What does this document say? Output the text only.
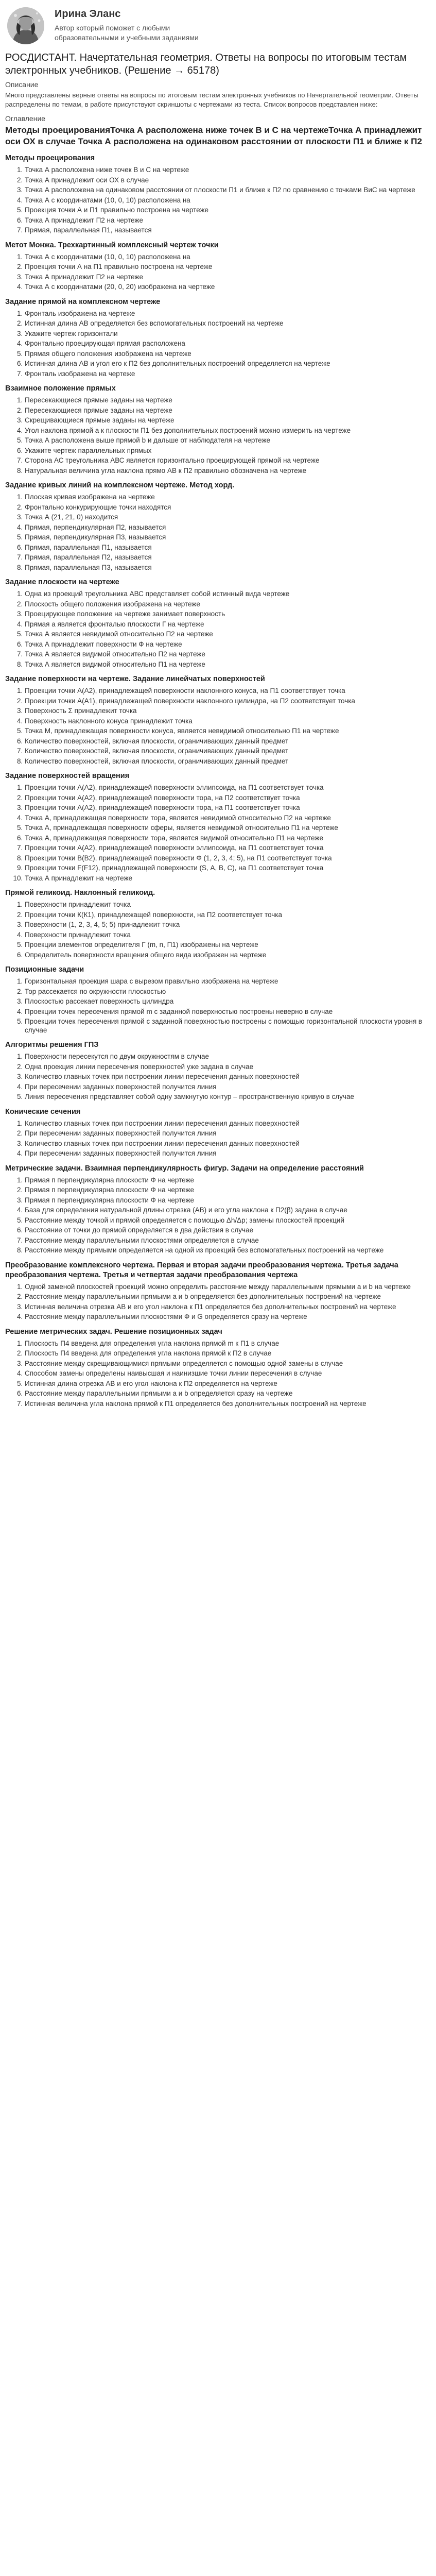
Ирина Эланс
Автор который поможет с любыми образовательными и учебными заданиями
РОСДИСТАНТ. Начертательная геометрия. Ответы на вопросы по итоговым тестам электронных учебников. (Решение → 65178)
Описание
Много представлены верные ответы на вопросы по итоговым тестам электронных учебников по Начертательной геометрии. Ответы распределены по темам, в работе присутствуют скриншоты с чертежами из теста. Список вопросов представлен ниже:
Оглавление
Методы проецированияТочка А расположена ниже точек В и С на чертежеТочка А принадлежит оси ОХ в случае Точка А расположена на одинаковом расстоянии от плоскости П1 и ближе к П2
Методы проецирования
1. Точка А расположена ниже точек В и С на чертеже
2. Точка А принадлежит оси ОХ в случае
3. Точка А расположена на одинаковом расстоянии от плоскости П1 и ближе к П2 по сравнению с точками ВиС на чертеже
4. Точка А с координатами (10, 0, 10) расположена на
5. Проекция точки А и П1 правильно построена на чертеже
6. Точка А принадлежит П2 на чертеже
7. Прямая, параллельная П1, называется
Метот Монжа. Трехкартинный комплексный чертеж точки
1. Точка А с координатами (10, 0, 10) расположена на
2. Проекция точки А на П1 правильно построена на чертеже
3. Точка А принадлежит П2 на чертеже
4. Точка А с координатами (20, 0, 20) изображена на чертеже
Задание прямой на комплексном чертеже
1. Фронталь изображена на чертеже
2. Истинная длина АВ определяется без вспомогательных построений на чертеже
3. Укажите чертеж горизонтали
4. Фронтально проецирующая прямая расположена
5. Прямая общего положения изображена на чертеже
6. Истинная длина АВ и угол его к П2 без дополнительных построений определяется на чертеже
7. Фронталь изображена на чертеже
Взаимное положение прямых
1. Пересекающиеся прямые заданы на чертеже
2. Пересекающиеся прямые заданы на чертеже
3. Скрещивающиеся прямые заданы на чертеже
4. Угол наклона прямой а к плоскости П1 без дополнительных построений можно измерить на чертеже
5. Точка А расположена выше прямой b и дальше от наблюдателя на чертеже
6. Укажите чертеж параллельных прямых
7. Сторона АС треугольника АВС является горизонтально проецирующей прямой на чертеже
8. Натуральная величина угла наклона прямо АВ к П2 правильно обозначена на чертеже
Задание кривых линий на комплексном чертеже. Метод хорд.
1. Плоская кривая изображена на чертеже
2. Фронтально конкурирующие точки находятся
3. Точка А (21, 21, 0) находится
4. Прямая, перпендикулярная П2, называется
5. Прямая, перпендикулярная П3, называется
6. Прямая, параллельная П1, называется
7. Прямая, параллельная П2, называется
8. Прямая, параллельная П3, называется
Задание плоскости на чертеже
1. Одна из проекций треугольника АВС представляет собой истинный вида чертеже
2. Плоскость общего положения изображена на чертеже
3. Проецирующее положение на чертеже занимает поверхность
4. Прямая а является фронталью плоскости Г на чертеже
5. Точка А является невидимой относительно П2 на чертеже
6. Точка А принадлежит поверхности Ф на чертеже
7. Точка А является видимой относительно П2 на чертеже
8. Точка А является видимой относительно П1 на чертеже
Задание поверхности на чертеже. Задание линейчатых поверхностей
1. Проекции точки А(А2), принадлежащей поверхности наклонного конуса, на П1 соответствует точка
2. Проекции точки А(А1), принадлежащей поверхности наклонного цилиндра, на П2 соответствует точка
3. Поверхность Σ принадлежит точка
4. Поверхность наклонного конуса принадлежит точка
5. Точка М, принадлежащая поверхности конуса, является невидимой относительно П1 на чертеже
6. Количество поверхностей, включая плоскости, ограничивающих данный предмет
7. Количество поверхностей, включая плоскости, ограничивающих данный предмет
8. Количество поверхностей, включая плоскости, ограничивающих данный предмет
Задание поверхностей вращения
1. Проекции точки А(А2), принадлежащей поверхности эллипсоида, на П1 соответствует точка
2. Проекции точки А(А2), принадлежащей поверхности тора, на П2 соответствует точка
3. Проекции точки А(А2), принадлежащей поверхности тора, на П1 соответствует точка
4. Точка А, принадлежащая поверхности тора, является невидимой относительно П2 на чертеже
5. Точка А, принадлежащая поверхности сферы, является невидимой относительно П1 на чертеже
6. Точка А, принадлежащая поверхности тора, является видимой относительно П1 на чертеже
7. Проекции точки А(А2), принадлежащей поверхности эллипсоида, на П1 соответствует точка
8. Проекции точки В(В2), принадлежащей поверхности Ф (1, 2, 3, 4; 5), на П1 соответствует точка
9. Проекции точки F(F12), принадлежащей поверхности (S, А, В, С), на П1 соответствует точка
10. Точка А принадлежит на чертеже
Прямой геликоид. Наклонный геликоид.
1. Поверхности принадлежит точка
2. Проекции точки К(К1), принадлежащей поверхности, на П2 соответствует точка
3. Поверхности (1, 2, 3, 4, 5; 5) принадлежит точка
4. Поверхности принадлежит точка
5. Проекции элементов определителя Г (m, n, П1) изображены на чертеже
6. Определитель поверхности вращения общего вида изображен на чертеже
Позиционные задачи
1. Горизонтальная проекция шара с вырезом правильно изображена на чертеже
2. Тор рассекается по окружности плоскостью
3. Плоскостью рассекает поверхность цилиндра
4. Проекции точек пересечения прямой m с заданной поверхностью построены неверно в случае
5. Проекции точек пересечения прямой с заданной поверхностью построены с помощью горизонтальной плоскости уровня в случае
Алгоритмы решения ГПЗ
1. Поверхности пересекутся по двум окружностям в случае
2. Одна проекция линии пересечения поверхностей уже задана в случае
3. Количество главных точек при построении линии пересечения данных поверхностей
4. При пересечении заданных поверхностей получится линия
5. Линия пересечения представляет собой одну замкнутую контур – пространственную кривую в случае
Конические сечения
1. Количество главных точек при построении линии пересечения данных поверхностей
2. При пересечении заданных поверхностей получится линия
3. Количество главных точек при построении линии пересечения данных поверхностей
4. При пересечении заданных поверхностей получится линия
Метрические задачи. Взаимная перпендикулярность фигур. Задачи на определение расстояний
1. Прямая п перпендикулярна плоскости Ф на чертеже
2. Прямая п перпендикулярна плоскости Ф на чертеже
3. Прямая п перпендикулярна плоскости Ф на чертеже
4. База для определения натуральной длины отрезка (АВ) и его угла наклона к П2(β) задана в случае
5. Расстояние между точкой и прямой определяется с помощью Δh/Δp; замены плоскостей проекций
6. Расстояние от точки до прямой определяется в два действия в случае
7. Расстояние между параллельными плоскостями определяется в случае
8. Расстояние между прямыми определяется на одной из проекций без вспомогательных построений на чертеже
Преобразование комплексного чертежа. Первая и вторая задачи преобразования чертежа. Третья задача преобразования чертежа. Третья и четвертая задачи преобразования чертежа
1. Одной заменой плоскостей проекций можно определить расстояние между параллельными прямыми а и b на чертеже
2. Расстояние между параллельными прямыми а и b определяется без дополнительных построений на чертеже
3. Истинная величина отрезка АВ и его угол наклона к П1 определяется без дополнительных построений на чертеже
4. Расстояние между параллельными плоскостями Ф и G определяется сразу на чертеже
Решение метрических задач. Решение позиционных задач
1. Плоскость П4 введена для определения угла наклона прямой m к П1 в случае
2. Плоскость П4 введена для определения угла наклона прямой к П2 в случае
3. Расстояние между скрещивающимися прямыми определяется с помощью одной замены в случае
4. Способом замены определены наивысшая и наинизшие точки линии пересечения в случае
5. Истинная длина отрезка АВ и его угол наклона к П2 определяется на чертеже
6. Расстояние между параллельными прямыми а и b определяется сразу на чертеже
7. Истинная величина угла наклона прямой к П1 определяется без дополнительных построений на чертеже
